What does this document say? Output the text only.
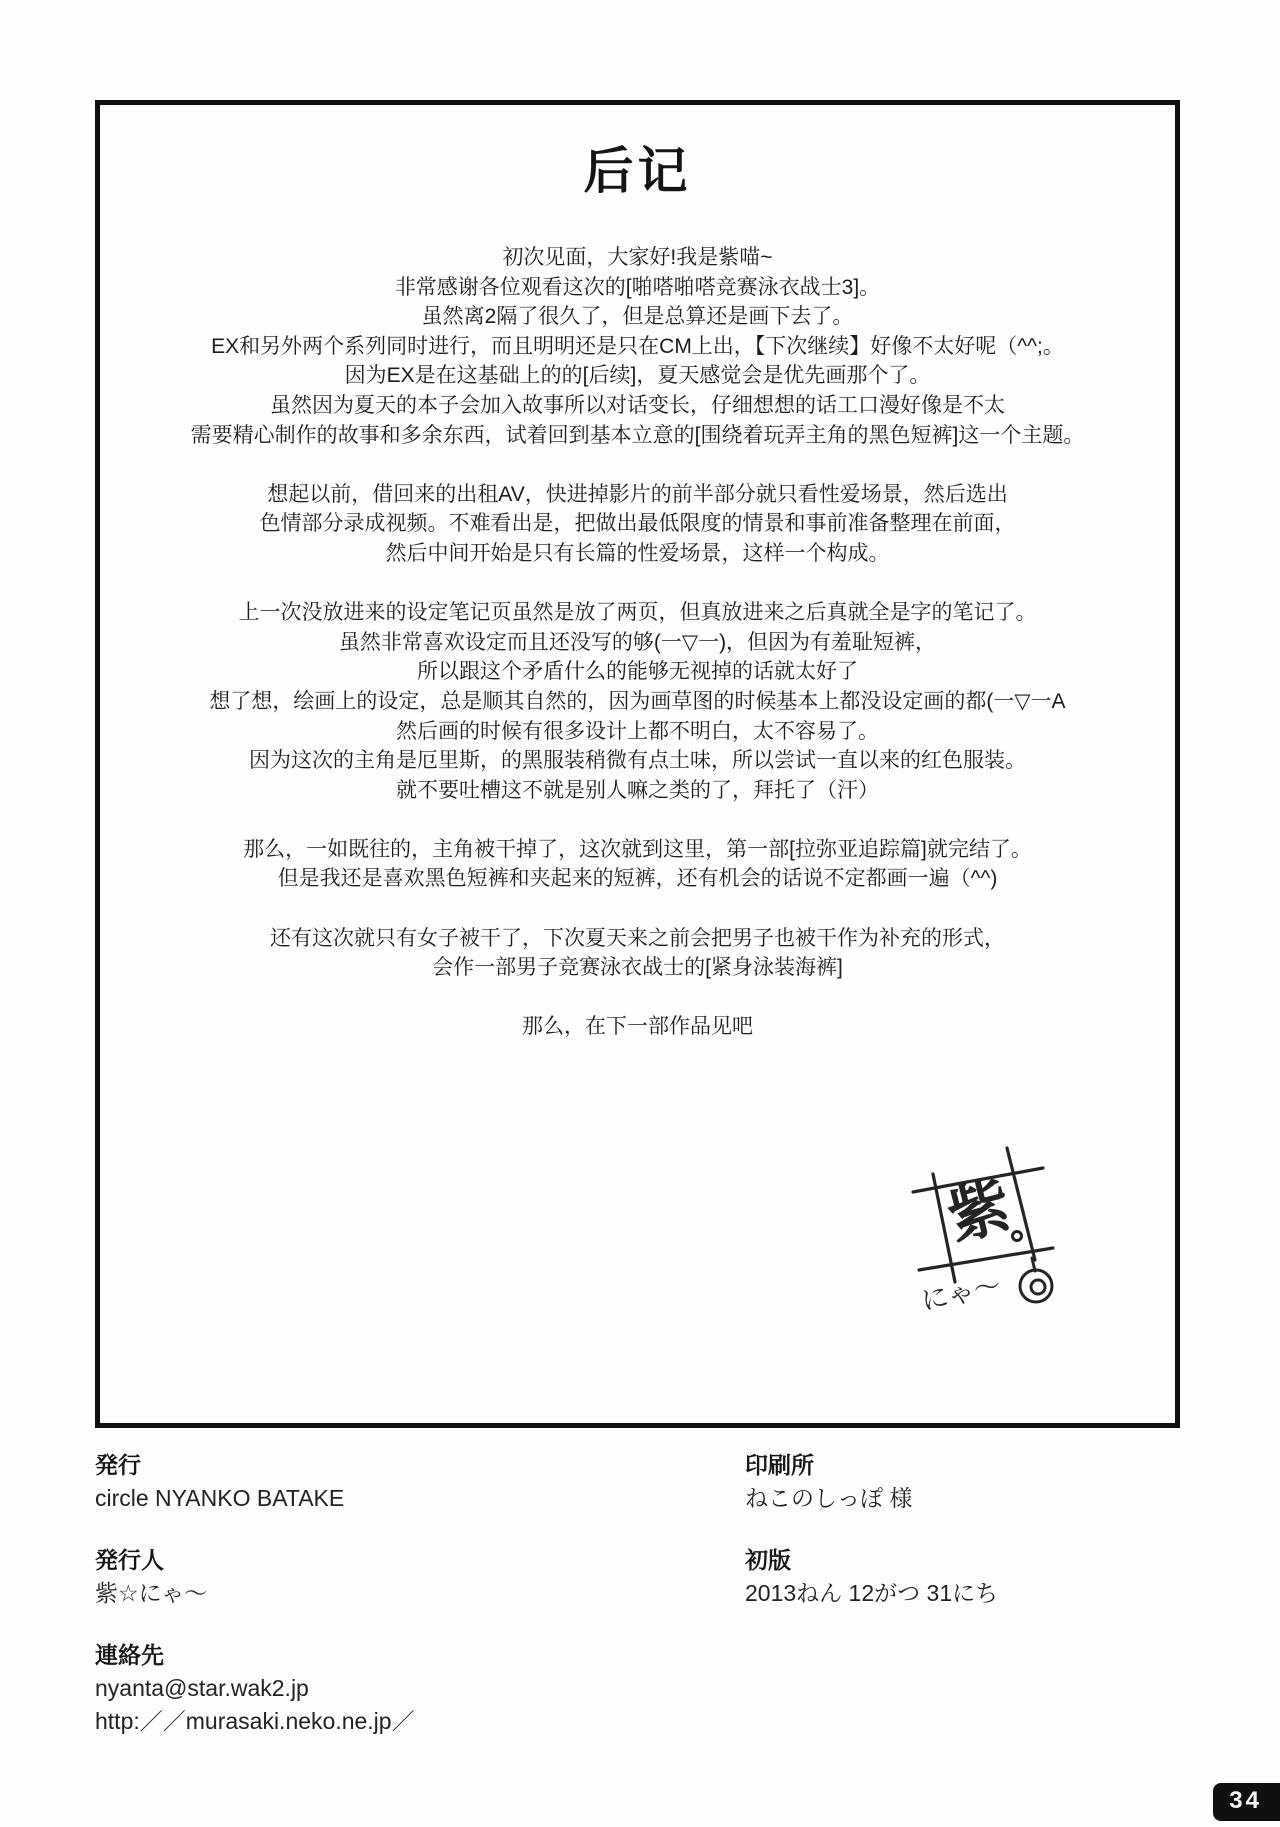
后记
初次见面，大家好!我是紫喵~
非常感谢各位观看这次的[啪嗒啪嗒竞赛泳衣战士3]。
虽然离2隔了很久了，但是总算还是画下去了。
EX和另外两个系列同时进行，而且明明还是只在CM上出，【下次继续】好像不太好呢（^^;。
因为EX是在这基础上的的[后续]，夏天感觉会是优先画那个了。
虽然因为夏天的本子会加入故事所以对话变长，仔细想想的话工口漫好像是不太
需要精心制作的故事和多余东西，试着回到基本立意的[围绕着玩弄主角的黑色短裤]这一个主题。
想起以前，借回来的出租AV，快进掉影片的前半部分就只看性爱场景，然后选出
色情部分录成视频。不难看出是，把做出最低限度的情景和事前准备整理在前面，
然后中间开始是只有长篇的性爱场景，这样一个构成。
上一次没放进来的设定笔记页虽然是放了两页，但真放进来之后真就全是字的笔记了。
虽然非常喜欢设定而且还没写的够(一▽一)，但因为有羞耻短裤，
所以跟这个矛盾什么的能够无视掉的话就太好了
想了想，绘画上的设定，总是顺其自然的，因为画草图的时候基本上都没设定画的都(一▽一A
然后画的时候有很多设计上都不明白，太不容易了。
因为这次的主角是厄里斯，的黑服装稍微有点土味，所以尝试一直以来的红色服装。
就不要吐槽这不就是别人嘛之类的了，拜托了（汗）
那么，一如既往的，主角被干掉了，这次就到这里，第一部[拉弥亚追踪篇]就完结了。
但是我还是喜欢黑色短裤和夹起来的短裤，还有机会的话说不定都画一遍（^^)
还有这次就只有女子被干了，下次夏天来之前会把男子也被干作为补充的形式，
会作一部男子竞赛泳衣战士的[紧身泳装海裤]
那么，在下一部作品见吧
紫
にゃ～
発行
circle NYANKO BATAKE
発行人
紫☆にゃ～
連絡先
nyanta@star.wak2.jp
http:／／murasaki.neko.ne.jp／
印刷所
ねこのしっぽ 様
初版
2013ねん 12がつ 31にち
34
